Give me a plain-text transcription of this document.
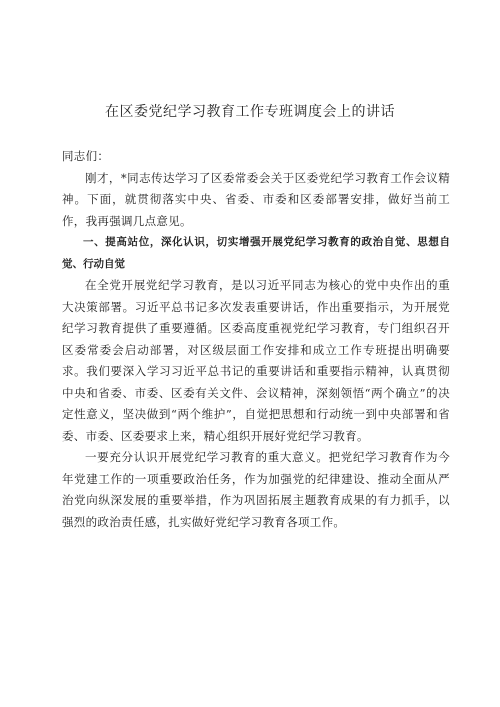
在区委党纪学习教育工作专班调度会上的讲话

同志们：

刚才，*同志传达学习了区委常委会关于区委党纪学习教育工作会议精神。下面，就贯彻落实中央、省委、市委和区委部署安排，做好当前工作，我再强调几点意见。

一、提高站位，深化认识，切实增强开展党纪学习教育的政治自觉、思想自觉、行动自觉

在全党开展党纪学习教育，是以习近平同志为核心的党中央作出的重大决策部署。习近平总书记多次发表重要讲话，作出重要指示，为开展党纪学习教育提供了重要遵循。区委高度重视党纪学习教育，专门组织召开区委常委会启动部署，对区级层面工作安排和成立工作专班提出明确要求。我们要深入学习习近平总书记的重要讲话和重要指示精神，认真贯彻中央和省委、市委、区委有关文件、会议精神，深刻领悟“两个确立”的决定性意义，坚决做到“两个维护”，自觉把思想和行动统一到中央部署和省委、市委、区委要求上来，精心组织开展好党纪学习教育。

一要充分认识开展党纪学习教育的重大意义。把党纪学习教育作为今年党建工作的一项重要政治任务，作为加强党的纪律建设、推动全面从严治党向纵深发展的重要举措，作为巩固拓展主题教育成果的有力抓手，以强烈的政治责任感，扎实做好党纪学习教育各项工作。
